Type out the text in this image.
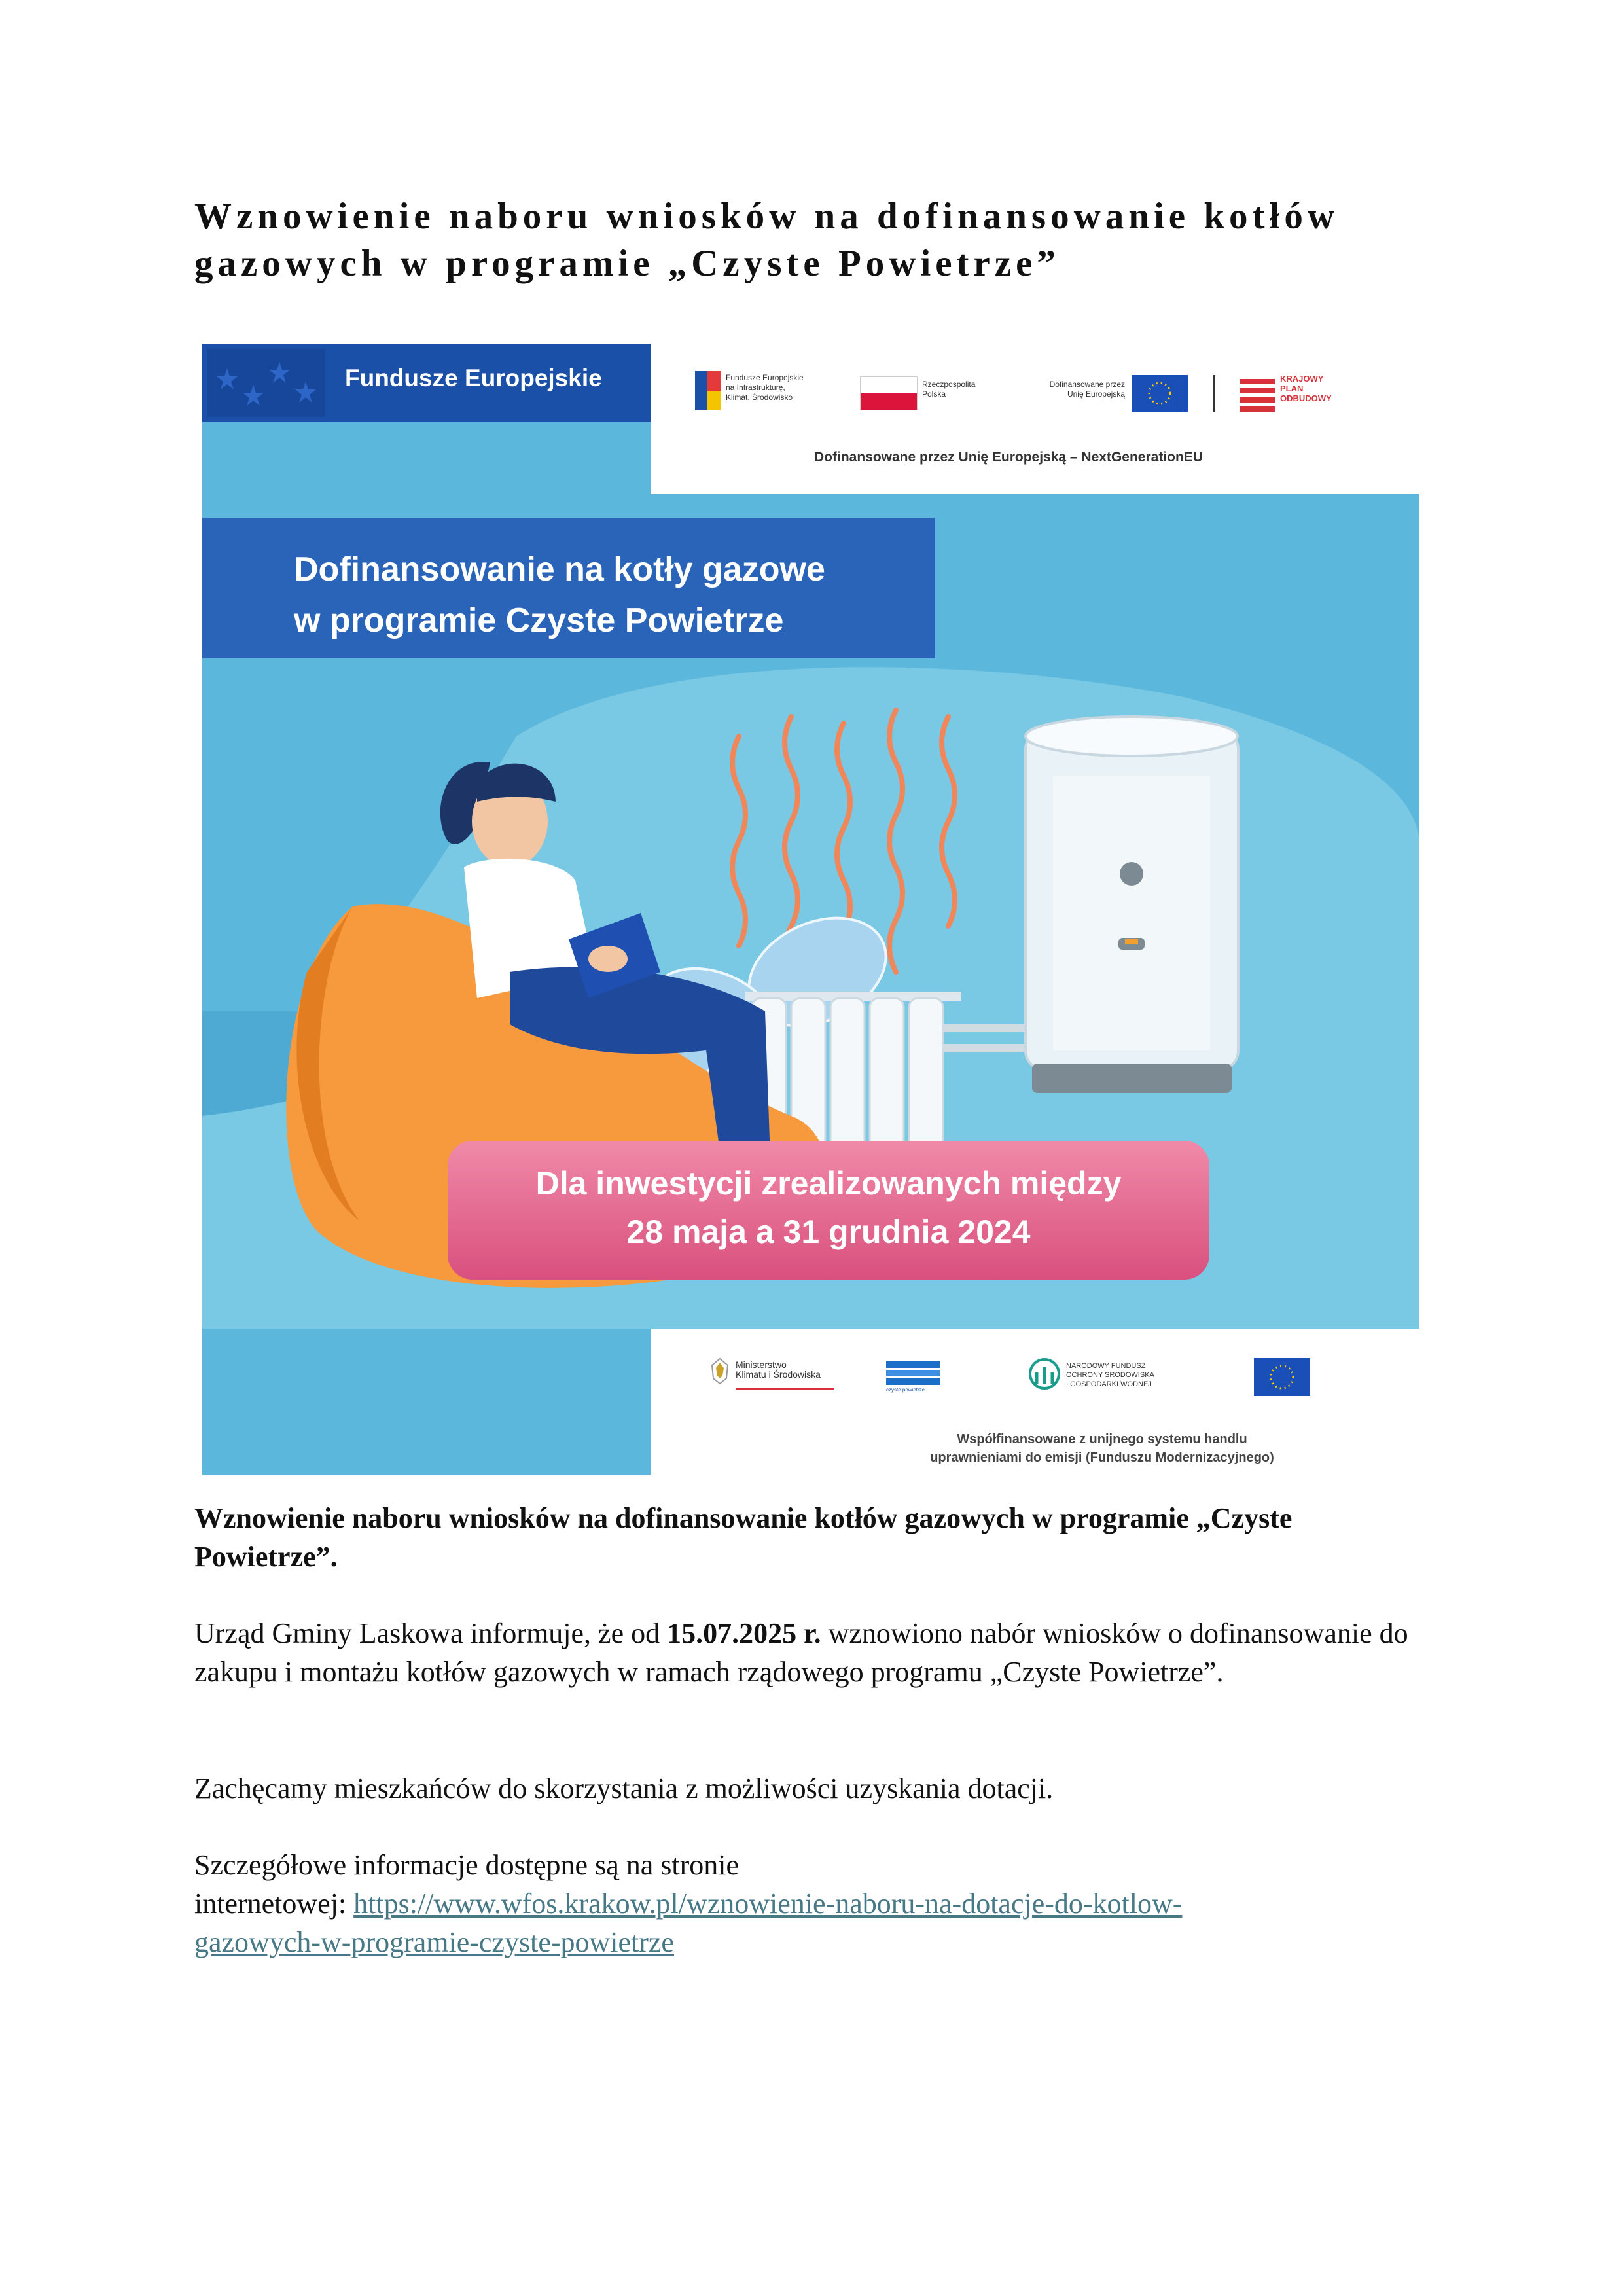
Wznowienie naboru wniosków na dofinansowanie kotłów gazowych w programie „Czyste Powietrze”
Fundusze Europejskie	Fundusze Europejskie
na Infrastrukturę,
Klimat, Środowisko
Rzeczpospolita
Polska
Dofinansowane przez
Unię Europejską
KRAJOWY
PLAN
ODBUDOWY
Dofinansowane przez Unię Europejską – NextGenerationEU
Dofinansowanie na kotły gazowe
w programie Czyste Powietrze
Dla inwestycji zrealizowanych między
28 maja a 31 grudnia 2024
Ministerstwo
Klimatu i Środowiska
czyste powietrze
NARODOWY FUNDUSZ
OCHRONY ŚRODOWISKA
I GOSPODARKI WODNEJ
Współfinansowane z unijnego systemu handlu
uprawnieniami do emisji (Funduszu Modernizacyjnego)

Wznowienie naboru wniosków na dofinansowanie kotłów gazowych w programie „Czyste Powietrze”.

Urząd Gminy Laskowa informuje, że od 15.07.2025 r. wznowiono nabór wniosków o dofinansowanie do zakupu i montażu kotłów gazowych w ramach rządowego programu „Czyste Powietrze”.

Zachęcamy mieszkańców do skorzystania z możliwości uzyskania dotacji.

Szczegółowe informacje dostępne są na stronie
internetowej: https://www.wfos.krakow.pl/wznowienie-naboru-na-dotacje-do-kotlow-
gazowych-w-programie-czyste-powietrze
